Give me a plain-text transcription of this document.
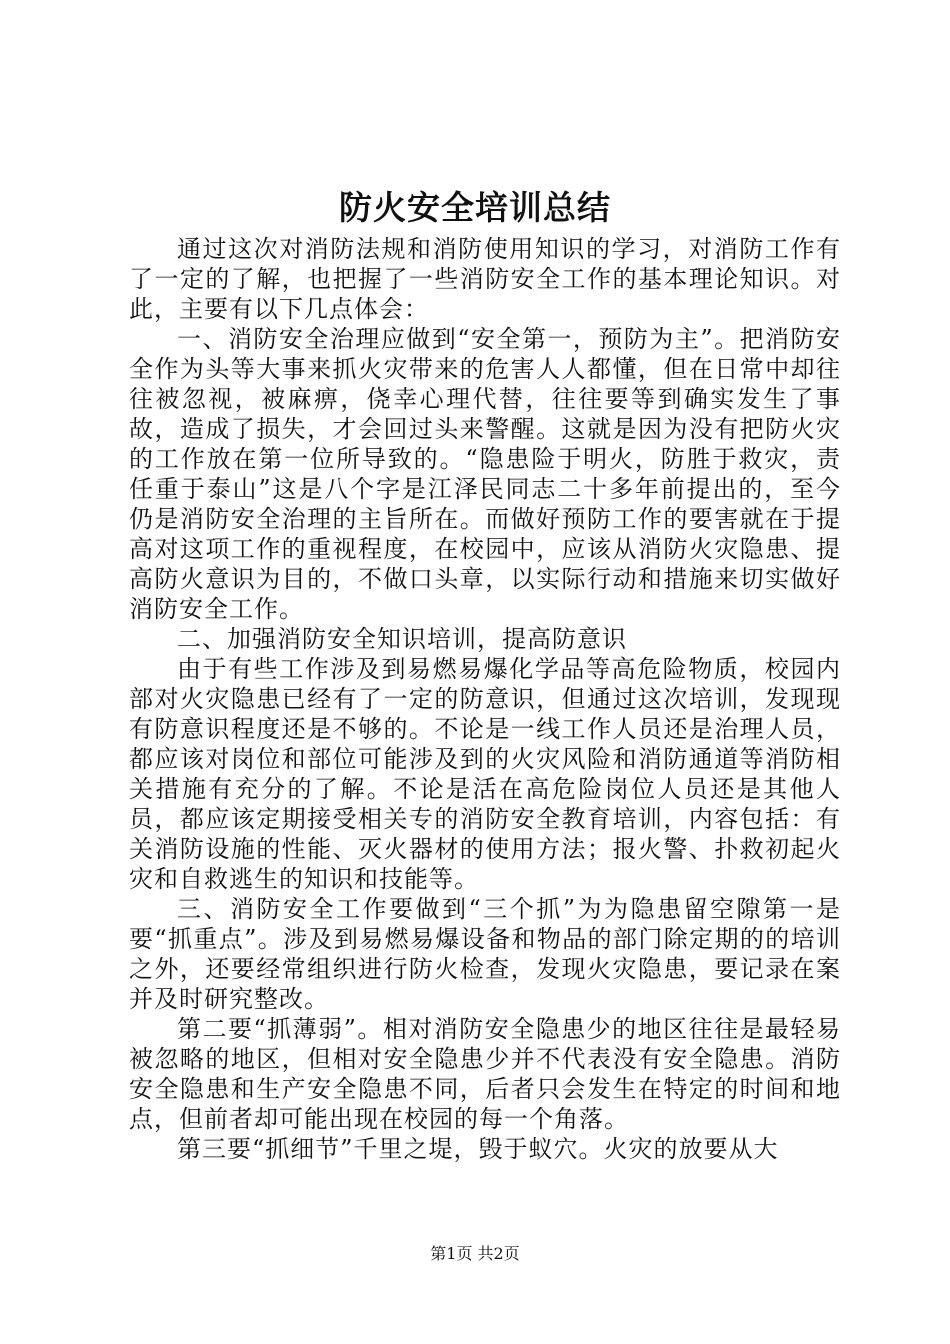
防火安全培训总结

通过这次对消防法规和消防使用知识的学习，对消防工作有了一定的了解，也把握了一些消防安全工作的基本理论知识。对此，主要有以下几点体会：

一、消防安全治理应做到“安全第一，预防为主”。把消防安全作为头等大事来抓火灾带来的危害人人都懂，但在日常中却往往被忽视，被麻痹，侥幸心理代替，往往要等到确实发生了事故，造成了损失，才会回过头来警醒。这就是因为没有把防火灾的工作放在第一位所导致的。“隐患险于明火，防胜于救灾，责任重于泰山”这是八个字是江泽民同志二十多年前提出的，至今仍是消防安全治理的主旨所在。而做好预防工作的要害就在于提高对这项工作的重视程度，在校园中，应该从消防火灾隐患、提高防火意识为目的，不做口头章，以实际行动和措施来切实做好消防安全工作。

二、加强消防安全知识培训，提高防意识

由于有些工作涉及到易燃易爆化学品等高危险物质，校园内部对火灾隐患已经有了一定的防意识，但通过这次培训，发现现有防意识程度还是不够的。不论是一线工作人员还是治理人员，都应该对岗位和部位可能涉及到的火灾风险和消防通道等消防相关措施有充分的了解。不论是活在高危险岗位人员还是其他人员，都应该定期接受相关专的消防安全教育培训，内容包括：有关消防设施的性能、灭火器材的使用方法；报火警、扑救初起火灾和自救逃生的知识和技能等。

三、消防安全工作要做到“三个抓”为为隐患留空隙第一是要“抓重点”。涉及到易燃易爆设备和物品的部门除定期的的培训之外，还要经常组织进行防火检查，发现火灾隐患，要记录在案并及时研究整改。

第二要“抓薄弱”。相对消防安全隐患少的地区往往是最轻易被忽略的地区，但相对安全隐患少并不代表没有安全隐患。消防安全隐患和生产安全隐患不同，后者只会发生在特定的时间和地点，但前者却可能出现在校园的每一个角落。

第三要“抓细节”千里之堤，毁于蚁穴。火灾的放要从大

第1页 共2页
